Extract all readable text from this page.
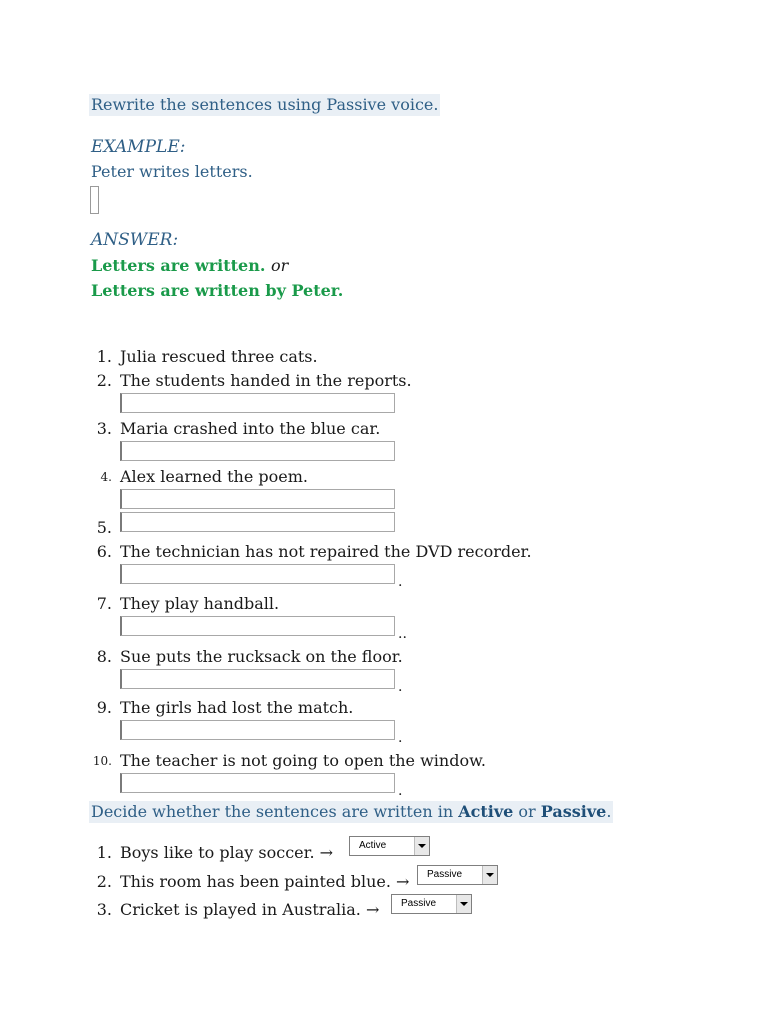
Rewrite the sentences using Passive voice.
EXAMPLE:
Peter writes letters.
ANSWER:
Letters are written. or
Letters are written by Peter.
1. Julia rescued three cats.
2. The students handed in the reports.
3. Maria crashed into the blue car.
4. Alex learned the poem.
5.
6. The technician has not repaired the DVD recorder.
.
7. They play handball.
..
8. Sue puts the rucksack on the floor.
.
9. The girls had lost the match.
.
10. The teacher is not going to open the window.
.
Decide whether the sentences are written in Active or Passive.
1. Boys like to play soccer. →	Active
2. This room has been painted blue. → Passive
3. Cricket is played in Australia. → Passive
